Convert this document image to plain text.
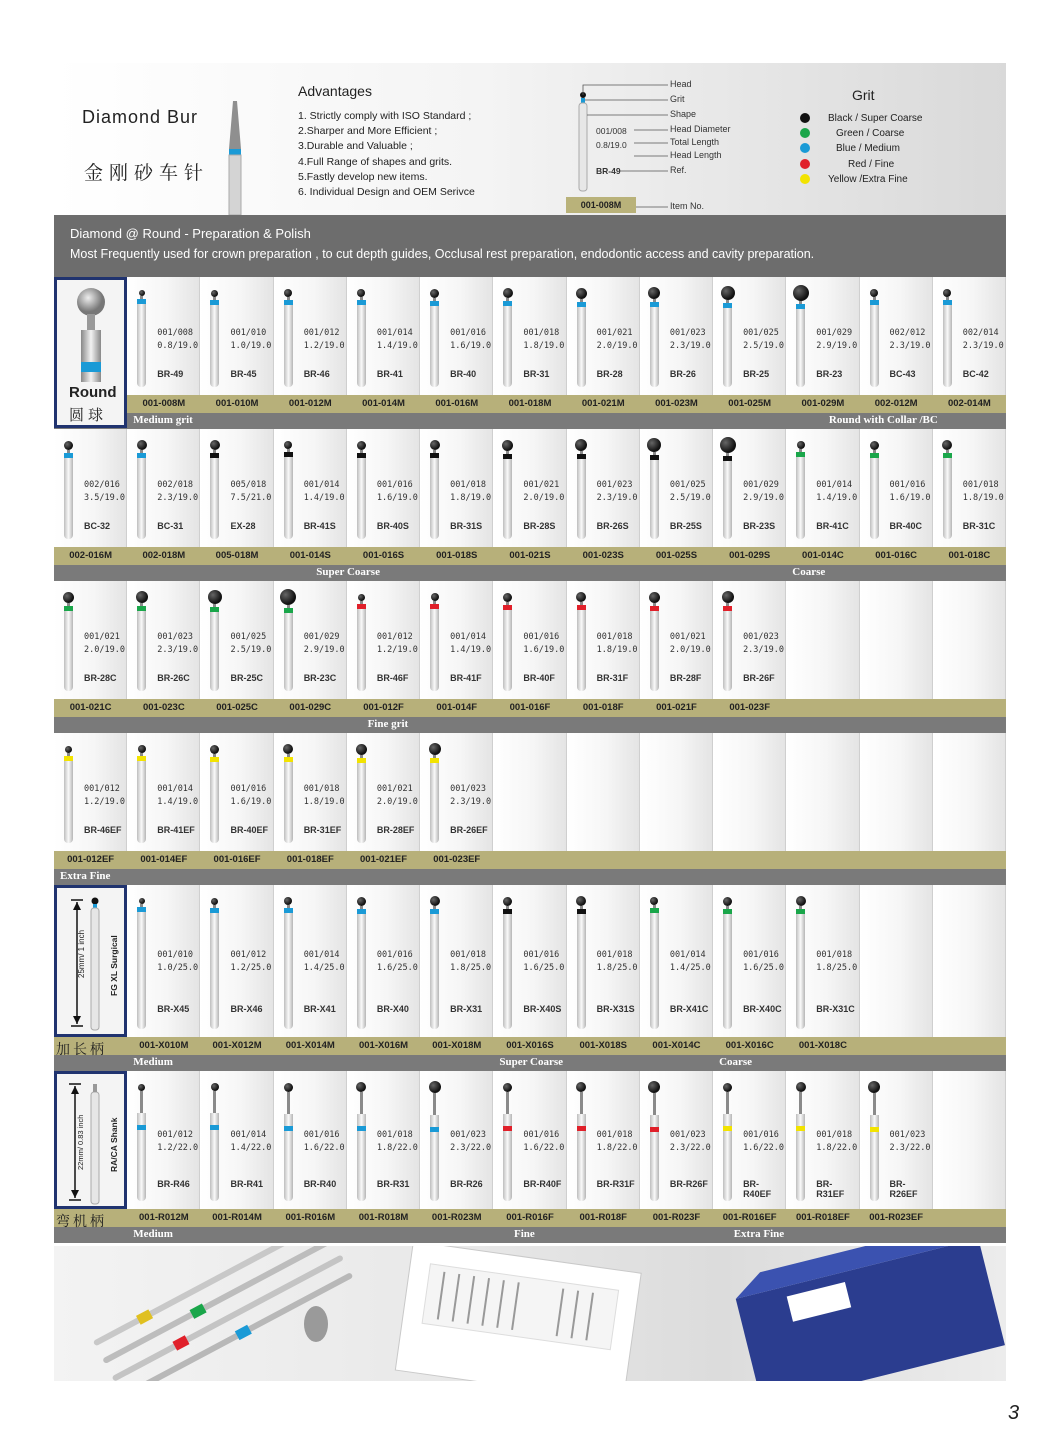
Diamond Bur
金刚砂车针
Advantages
1. Strictly comply with ISO Standard ;
2.Sharper and More Efficient ;
3.Durable and Valuable ;
4.Full Range of shapes and grits.
5.Fastly develop new items.
6. Individual Design and OEM Serivce
Head
Grit
Shape
Head Diameter
Total Length
Head Length
Ref.
001/008
0.8/19.0
BR-49
Item No.
001-008M
Grit
Black / Super Coarse
Green / Coarse
Blue / Medium
Red / Fine
Yellow /Extra Fine
Diamond @ Round - Preparation & Polish
Most Frequently used for crown preparation , to cut depth guides, Occlusal rest preparation, endodontic access and cavity preparation.
001/008
0.8/19.0
BR-49
001/010
1.0/19.0
BR-45
001/012
1.2/19.0
BR-46
001/014
1.4/19.0
BR-41
001/016
1.6/19.0
BR-40
001/018
1.8/19.0
BR-31
001/021
2.0/19.0
BR-28
001/023
2.3/19.0
BR-26
001/025
2.5/19.0
BR-25
001/029
2.9/19.0
BR-23
002/012
2.3/19.0
BC-43
002/014
2.3/19.0
BC-42
001-008M	001-010M	001-012M	001-014M	001-016M	001-018M	001-021M	001-023M	001-025M	001-029M	002-012M	002-014M
Medium grit	Round with Collar /BC
002/016
3.5/19.0
BC-32
002/018
2.3/19.0
BC-31
005/018
7.5/21.0
EX-28
001/014
1.4/19.0
BR-41S
001/016
1.6/19.0
BR-40S
001/018
1.8/19.0
BR-31S
001/021
2.0/19.0
BR-28S
001/023
2.3/19.0
BR-26S
001/025
2.5/19.0
BR-25S
001/029
2.9/19.0
BR-23S
001/014
1.4/19.0
BR-41C
001/016
1.6/19.0
BR-40C
001/018
1.8/19.0
BR-31C
002-016M	002-018M	005-018M	001-014S	001-016S	001-018S	001-021S	001-023S	001-025S	001-029S	001-014C	001-016C	001-018C
Super Coarse	Coarse
001/021
2.0/19.0
BR-28C
001/023
2.3/19.0
BR-26C
001/025
2.5/19.0
BR-25C
001/029
2.9/19.0
BR-23C
001/012
1.2/19.0
BR-46F
001/014
1.4/19.0
BR-41F
001/016
1.6/19.0
BR-40F
001/018
1.8/19.0
BR-31F
001/021
2.0/19.0
BR-28F
001/023
2.3/19.0
BR-26F
001-021C	001-023C	001-025C	001-029C	001-012F	001-014F	001-016F	001-018F	001-021F	001-023F
Fine grit
001/012
1.2/19.0
BR-46EF
001/014
1.4/19.0
BR-41EF
001/016
1.6/19.0
BR-40EF
001/018
1.8/19.0
BR-31EF
001/021
2.0/19.0
BR-28EF
001/023
2.3/19.0
BR-26EF
001-012EF	001-014EF	001-016EF	001-018EF	001-021EF	001-023EF
Extra Fine
001/010
1.0/25.0
BR-X45
001/012
1.2/25.0
BR-X46
001/014
1.4/25.0
BR-X41
001/016
1.6/25.0
BR-X40
001/018
1.8/25.0
BR-X31
001/016
1.6/25.0
BR-X40S
001/018
1.8/25.0
BR-X31S
001/014
1.4/25.0
BR-X41C
001/016
1.6/25.0
BR-X40C
001/018
1.8/25.0
BR-X31C
001-X010M	001-X012M	001-X014M	001-X016M	001-X018M	001-X016S	001-X018S	001-X014C	001-X016C	001-X018C
Medium	Super Coarse	Coarse
001/012
1.2/22.0
BR-R46
001/014
1.4/22.0
BR-R41
001/016
1.6/22.0
BR-R40
001/018
1.8/22.0
BR-R31
001/023
2.3/22.0
BR-R26
001/016
1.6/22.0
BR-R40F
001/018
1.8/22.0
BR-R31F
001/023
2.3/22.0
BR-R26F
001/016
1.6/22.0
BR-R40EF
001/018
1.8/22.0
BR-R31EF
001/023
2.3/22.0
BR-R26EF
001-R012M	001-R014M	001-R016M	001-R018M	001-R023M	001-R016F	001-R018F	001-R023F	001-R016EF	001-R018EF	001-R023EF
Medium	Fine	Extra Fine
Round
圆球
25mm/ 1 inch	FG XL Surgical
加长柄
22mm/ 0.83 inch	RA/CA Shank
弯机柄
3
